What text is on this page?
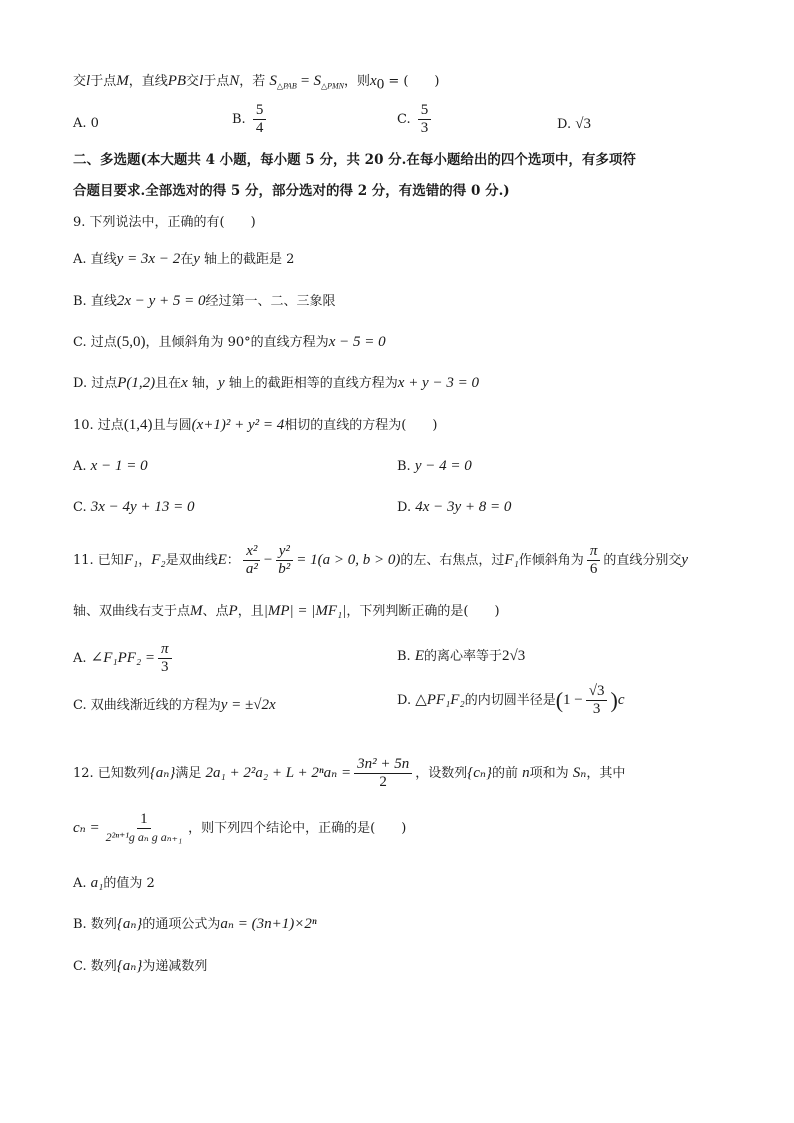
交l于点M，直线PB交l于点N，若 $S_{\triangle PAB} = S_{\triangle PMN}$，则$x_0$ = (　　)
A. 0	B. $\frac{5}{4}$	C. $\frac{5}{3}$	D. √3
二、多选题(本大题共 4 小题，每小题 5 分，共 20 分.在每小题给出的四个选项中，有多项符
合题目要求.全部选对的得 5 分，部分选对的得 2 分，有选错的得 0 分.)
9. 下列说法中，正确的有(　　)
A. 直线y = 3x − 2在y 轴上的截距是 2
B. 直线2x − y + 5 = 0经过第一、二、三象限
C. 过点(5,0)，且倾斜角为 90°的直线方程为x − 5 = 0
D. 过点P(1,2)且在x 轴，y 轴上的截距相等的直线方程为x + y − 3 = 0
10. 过点(1,4)且与圆(x+1)² + y² = 4相切的直线的方程为(　　)
A. x − 1 = 0	B. y − 4 = 0
C. 3x − 4y + 13 = 0	D. 4x − 3y + 8 = 0
11. 已知F₁，F₂是双曲线E： $\frac{\text{x²}}{\text{a²}} - \frac{\text{y²}}{\text{b²}} = 1(a > 0$, b > 0)的左、右焦点，过F₁作倾斜角为 $\frac{\pi}{6}$ 的直线分别交y
轴、双曲线右支于点M、点P，且|MP| = |MF₁|，下列判断正确的是(　　)
A. ∠F₁PF₂ = $\frac{\pi}{3}$	B. E的离心率等于2√3
C. 双曲线渐近线的方程为y = ±√2x	D. △PF₁F₂的内切圆半径是$(1 - \frac{√3}{3} )c$
12. 已知数列{aₙ}满足 $2a_1 + 2^2a_2 + L + 2^na_n = \frac{\text{3n² + 5n}}{2}$ ，设数列{cₙ}的前 n项和为 Sₙ，其中
$c_n = \frac{1}{\text{2²ⁿ⁺¹g aₙ g aₙ₊₁}}$ ，则下列四个结论中，正确的是(　　)
A. a₁的值为 2
B. 数列{aₙ}的通项公式为aₙ = (3n+1)×2ⁿ
C. 数列{aₙ}为递减数列
